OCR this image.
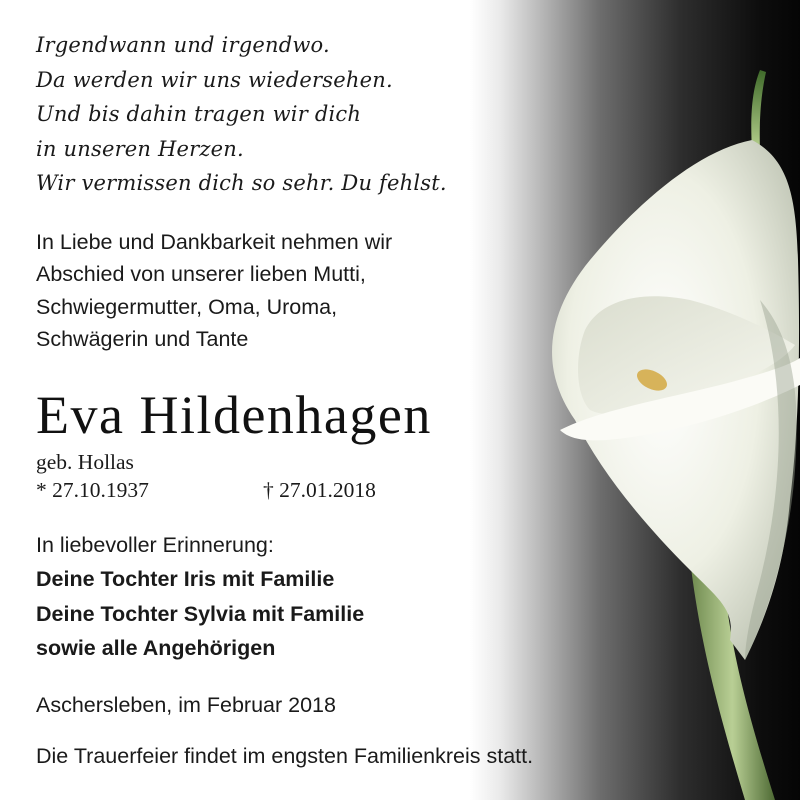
Irgendwann und irgendwo.
Da werden wir uns wiedersehen.
Und bis dahin tragen wir dich
in unseren Herzen.
Wir vermissen dich so sehr. Du fehlst.
In Liebe und Dankbarkeit nehmen wir
Abschied von unserer lieben Mutti,
Schwiegermutter, Oma, Uroma,
Schwägerin und Tante
Eva Hildenhagen
geb. Hollas
* 27.10.1937	† 27.01.2018
In liebevoller Erinnerung:
Deine Tochter Iris mit Familie
Deine Tochter Sylvia mit Familie
sowie alle Angehörigen
Aschersleben, im Februar 2018
Die Trauerfeier findet im engsten Familienkreis statt.
